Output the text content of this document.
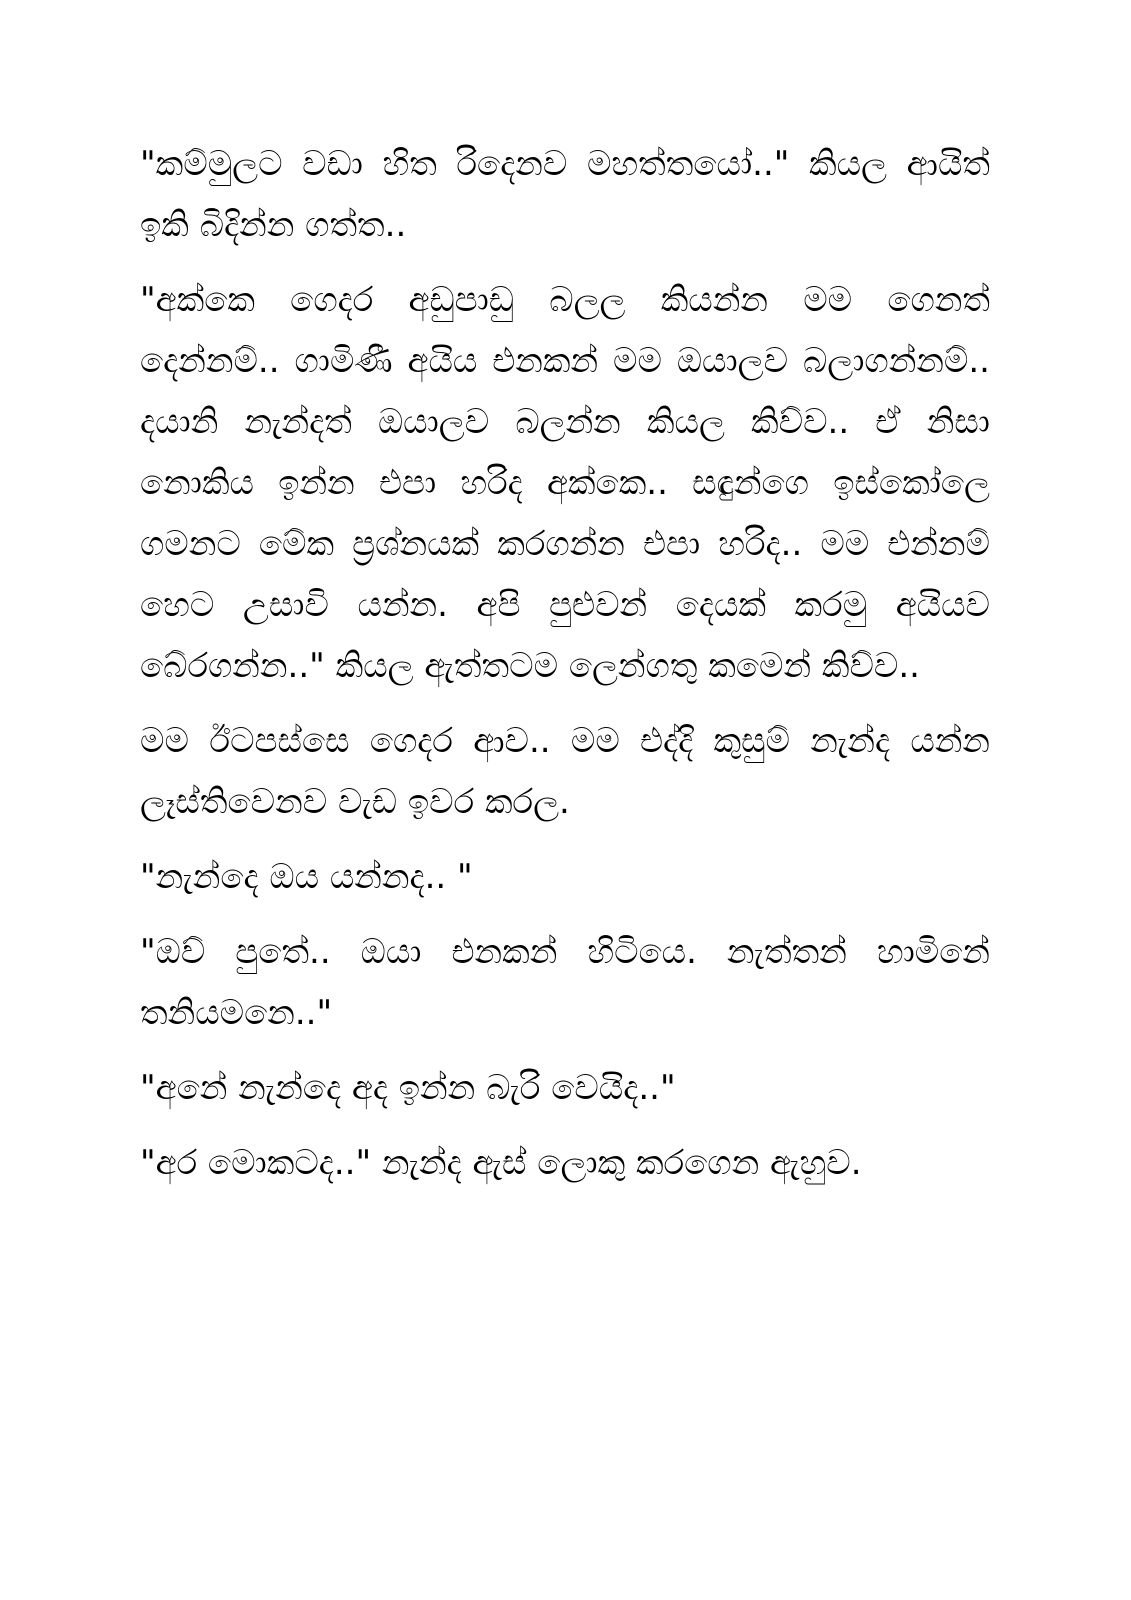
"කම්මුලට වඩා හිත රිදෙනව මහත්තයෝ.." කියල ආයිත් ඉකි බිදින්න ගත්ත..

"අක්කෙ ගෙදර අඩුපාඩු බලල කියන්න මම ගෙනත් දෙන්නම්.. ගාමිණී අයිය එනකන් මම ඔයාලව බලාගන්නම්.. දයානි නැන්දත් ඔයාලව බලන්න කියල කිව්ව.. ඒ නිසා නොකිය ඉන්න එපා හරිද අක්කෙ.. සඳුන්ගෙ ඉස්කෝලෙ ගමනට මේක ප්‍රශ්නයක් කරගන්න එපා හරිද.. මම එන්නම් හෙට උසාවි යන්න. අපි පුළුවන් දෙයක් කරමු අයියව බේරගන්න.." කියල ඇත්තටම ලෙන්ගතු කමෙන් කිව්ව..

මම ඊටපස්සෙ ගෙදර ආව.. මම එද්දි කුසුම් නැන්ද යන්න ලෑස්තිවෙනව වැඩ ඉවර කරල.

"නැන්දෙ ඔය යන්නද.. "

"ඔව් පුතේ.. ඔයා එනකන් හිටියෙ. නැත්තන් හාමිනේ තනියමනෙ.."

"අනේ නැන්දෙ අද ඉන්න බැරි වෙයිද.."

"අර මොකටද.." නැන්ද ඇස් ලොකු කරගෙන ඇහුව.
